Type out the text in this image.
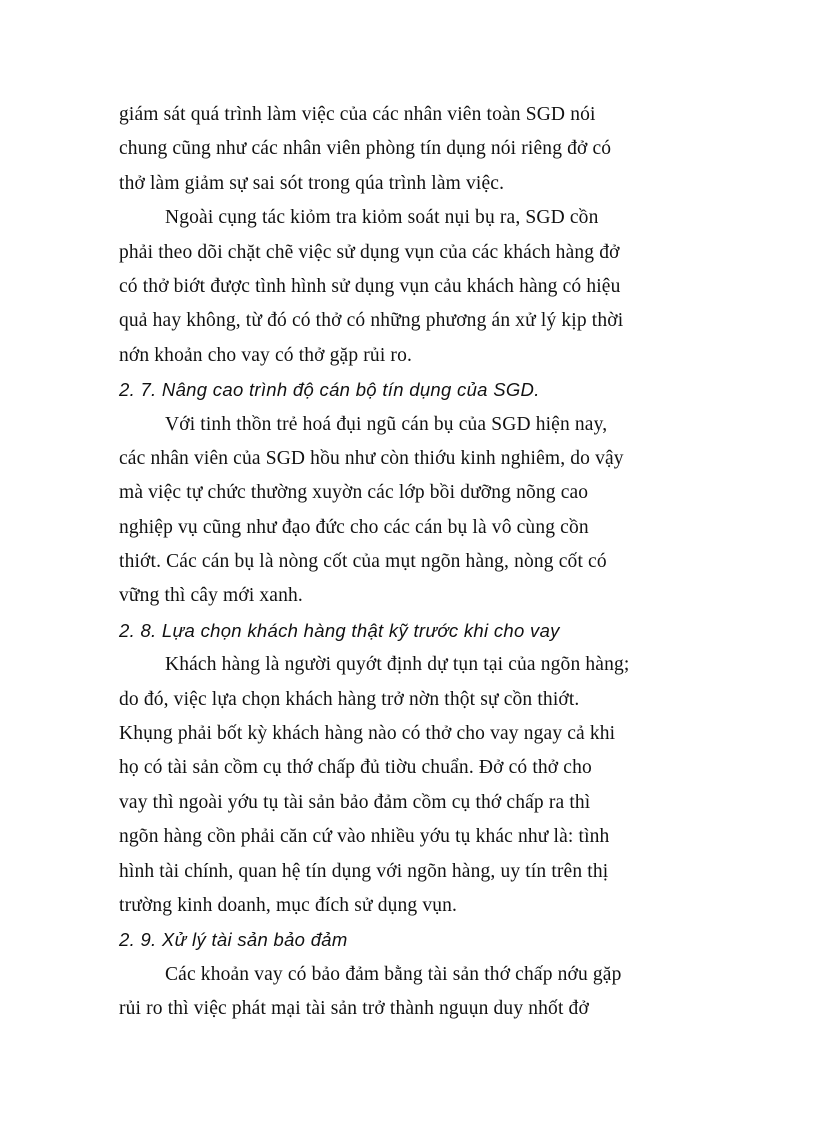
giám sát quá trình làm việc của các nhân viên toàn SGD nói
chung cũng như các nhân viên phòng tín dụng nói riêng đở có
thở làm giảm sự sai sót trong qúa trình làm việc.
Ngoài cụng tác kiỏm tra kiỏm soát nụi bụ ra, SGD cồn
phải theo dõi chặt chẽ việc sử dụng vụn của các khách hàng đở
có thở biớt được tình hình sử dụng vụn cảu khách hàng có hiệu
quả hay không, từ đó có thở có những phương án xử lý kịp thời
nớn khoản cho vay có thở gặp rủi ro.
2. 7. Nâng cao trình độ cán bộ tín dụng của SGD.
Với tinh thồn trẻ hoá đụi ngũ cán bụ của SGD hiện nay,
các nhân viên của SGD hồu như còn thiớu kinh nghiêm, do vậy
mà việc tự chức thường xuyờn các lớp bồi dưỡng nõng cao
nghiệp vụ cũng như đạo đức cho các cán bụ là vô cùng cồn
thiớt. Các cán bụ là nòng cốt của mụt ngõn hàng, nòng cốt có
vững thì cây mới xanh.
2. 8. Lựa chọn khách hàng thật kỹ trước khi cho vay
Khách hàng là người quyớt định dự tụn tại của ngõn hàng;
do đó, việc lựa chọn khách hàng trở nờn thột sự cồn thiớt.
Khụng phải bốt kỳ khách hàng nào có thở cho vay ngay cả khi
họ có tài sản cồm cụ thớ chấp đủ tiờu chuẩn. Đở có thở cho
vay thì ngoài yớu tụ tài sản bảo đảm cồm cụ thớ chấp ra thì
ngõn hàng cồn phải căn cứ vào nhiều yớu tụ khác như là: tình
hình tài chính, quan hệ tín dụng với ngõn hàng, uy tín trên thị
trường kinh doanh, mục đích sử dụng vụn.
2. 9. Xử lý tài sản bảo đảm
Các khoản vay có bảo đảm bằng tài sản thớ chấp nớu gặp
rủi ro thì việc phát mại tài sản trở thành nguụn duy nhốt đở
